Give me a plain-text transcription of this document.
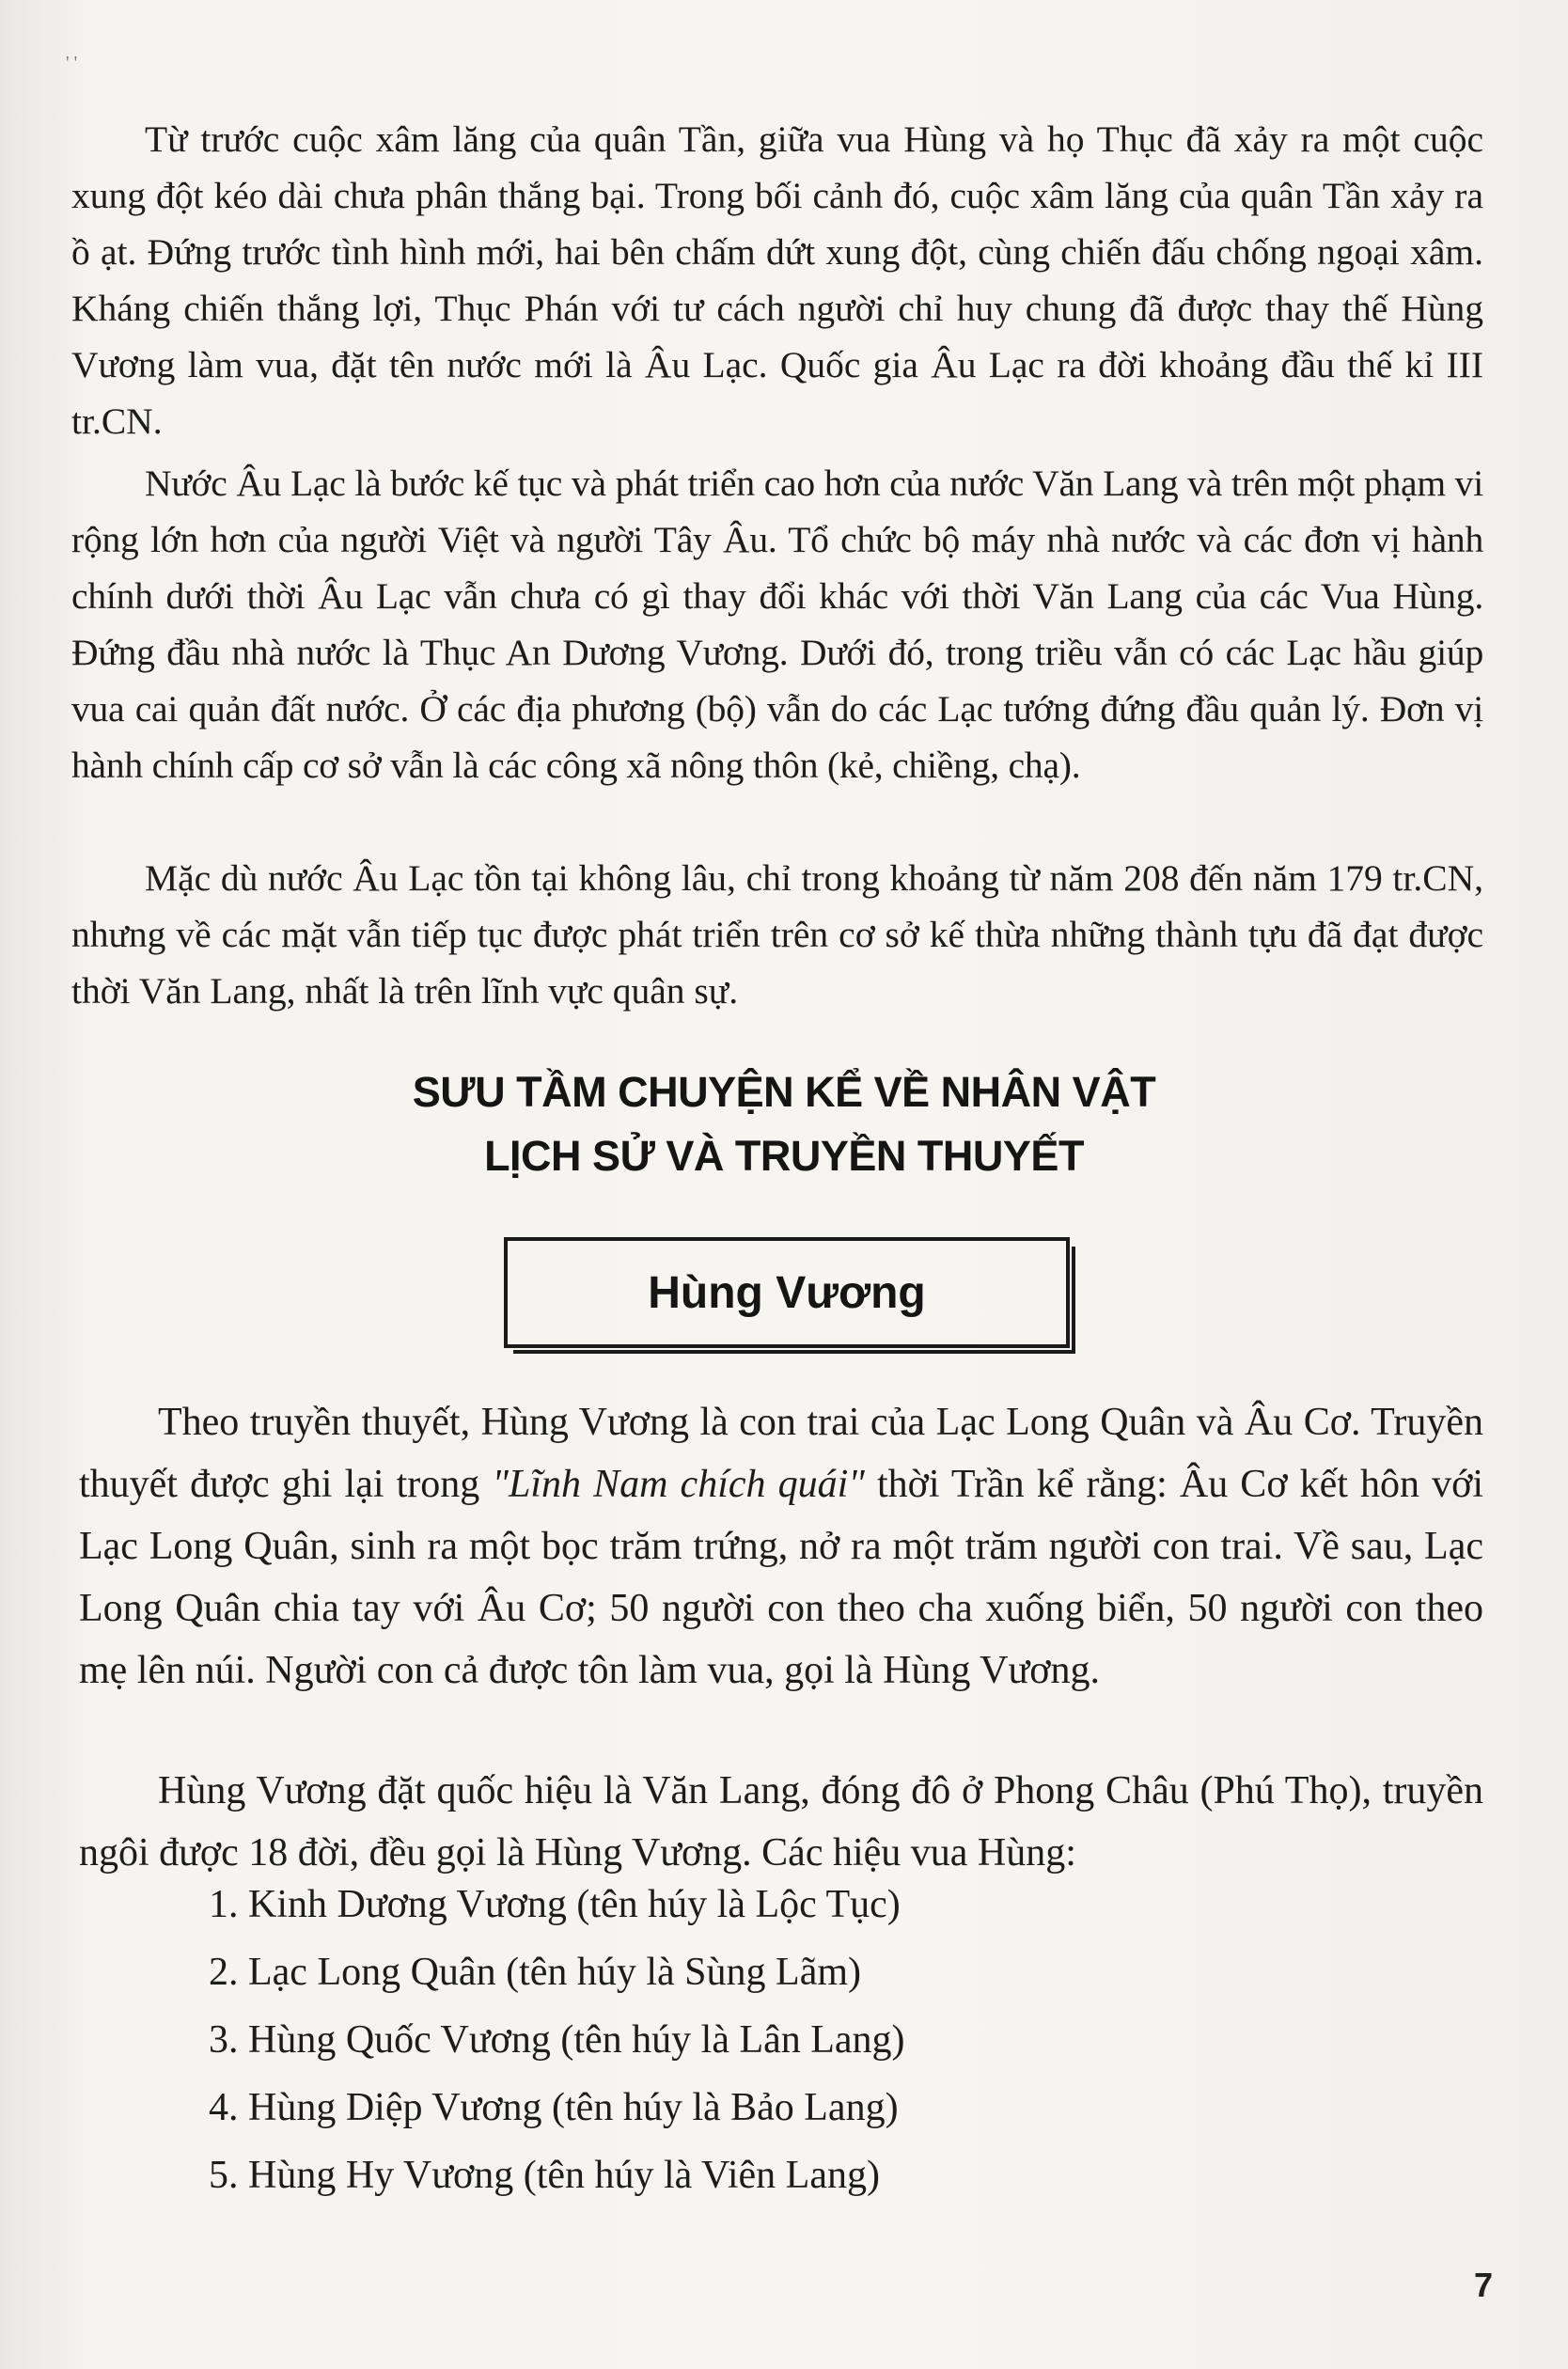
' '

Từ trước cuộc xâm lăng của quân Tần, giữa vua Hùng và họ Thục đã xảy ra một cuộc xung đột kéo dài chưa phân thắng bại. Trong bối cảnh đó, cuộc xâm lăng của quân Tần xảy ra ồ ạt. Đứng trước tình hình mới, hai bên chấm dứt xung đột, cùng chiến đấu chống ngoại xâm. Kháng chiến thắng lợi, Thục Phán với tư cách người chỉ huy chung đã được thay thế Hùng Vương làm vua, đặt tên nước mới là Âu Lạc. Quốc gia Âu Lạc ra đời khoảng đầu thế kỉ III tr.CN.

Nước Âu Lạc là bước kế tục và phát triển cao hơn của nước Văn Lang và trên một phạm vi rộng lớn hơn của người Việt và người Tây Âu. Tổ chức bộ máy nhà nước và các đơn vị hành chính dưới thời Âu Lạc vẫn chưa có gì thay đổi khác với thời Văn Lang của các Vua Hùng. Đứng đầu nhà nước là Thục An Dương Vương. Dưới đó, trong triều vẫn có các Lạc hầu giúp vua cai quản đất nước. Ở các địa phương (bộ) vẫn do các Lạc tướng đứng đầu quản lý. Đơn vị hành chính cấp cơ sở vẫn là các công xã nông thôn (kẻ, chiềng, chạ).

Mặc dù nước Âu Lạc tồn tại không lâu, chỉ trong khoảng từ năm 208 đến năm 179 tr.CN, nhưng về các mặt vẫn tiếp tục được phát triển trên cơ sở kế thừa những thành tựu đã đạt được thời Văn Lang, nhất là trên lĩnh vực quân sự.

SƯU TẦM CHUYỆN KỂ VỀ NHÂN VẬT
LỊCH SỬ VÀ TRUYỀN THUYẾT
Hùng Vương

Theo truyền thuyết, Hùng Vương là con trai của Lạc Long Quân và Âu Cơ. Truyền thuyết được ghi lại trong "Lĩnh Nam chích quái" thời Trần kể rằng: Âu Cơ kết hôn với Lạc Long Quân, sinh ra một bọc trăm trứng, nở ra một trăm người con trai. Về sau, Lạc Long Quân chia tay với Âu Cơ; 50 người con theo cha xuống biển, 50 người con theo mẹ lên núi. Người con cả được tôn làm vua, gọi là Hùng Vương.

Hùng Vương đặt quốc hiệu là Văn Lang, đóng đô ở Phong Châu (Phú Thọ), truyền ngôi được 18 đời, đều gọi là Hùng Vương. Các hiệu vua Hùng:

1. Kinh Dương Vương (tên húy là Lộc Tục)
2. Lạc Long Quân (tên húy là Sùng Lãm)
3. Hùng Quốc Vương (tên húy là Lân Lang)
4. Hùng Diệp Vương (tên húy là Bảo Lang)
5. Hùng Hy Vương (tên húy là Viên Lang)
7
